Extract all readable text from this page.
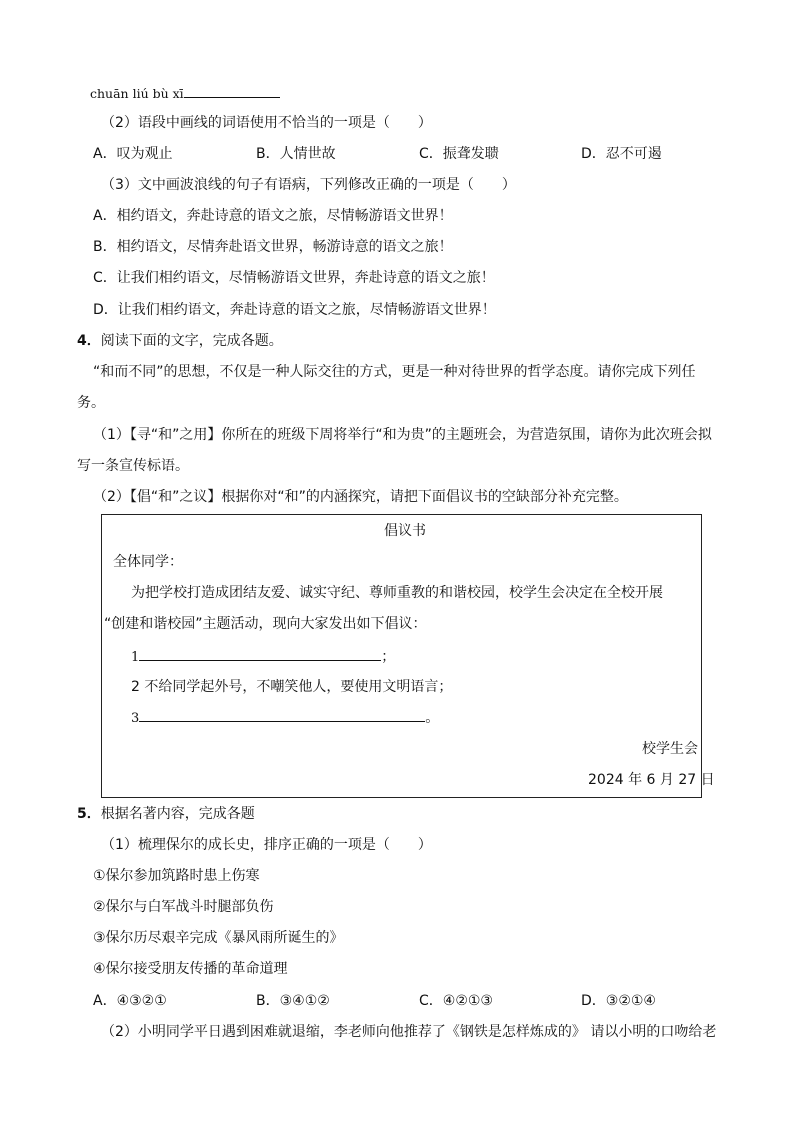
chuān liú bù xī
（2）语段中画线的词语使用不恰当的一项是（　　）
A．叹为观止	B．人情世故	C．振聋发聩	D．忍不可遏
（3）文中画波浪线的句子有语病，下列修改正确的一项是（　　）
A．相约语文，奔赴诗意的语文之旅，尽情畅游语文世界！
B．相约语文，尽情奔赴语文世界，畅游诗意的语文之旅！
C．让我们相约语文，尽情畅游语文世界，奔赴诗意的语文之旅！
D．让我们相约语文，奔赴诗意的语文之旅，尽情畅游语文世界！
4．阅读下面的文字，完成各题。
“和而不同”的思想，不仅是一种人际交往的方式，更是一种对待世界的哲学态度。请你完成下列任
务。
（1）【寻“和”之用】你所在的班级下周将举行“和为贵”的主题班会，为营造氛围，请你为此次班会拟
写一条宣传标语。
（2）【倡“和”之议】根据你对“和”的内涵探究，请把下面倡议书的空缺部分补充完整。
倡议书
全体同学：
为把学校打造成团结友爱、诚实守纪、尊师重教的和谐校园，校学生会决定在全校开展
“创建和谐校园”主题活动，现向大家发出如下倡议：
1	；
2 不给同学起外号，不嘲笑他人，要使用文明语言；
3	。
校学生会
2024 年 6 月 27 日
5．根据名著内容，完成各题
（1）梳理保尔的成长史，排序正确的一项是（　　）
①保尔参加筑路时患上伤寒
②保尔与白军战斗时腿部负伤
③保尔历尽艰辛完成《暴风雨所诞生的》
④保尔接受朋友传播的革命道理
A．④③②①	B．③④①②	C．④②①③	D．③②①④
（2）小明同学平日遇到困难就退缩，李老师向他推荐了《钢铁是怎样炼成的》 请以小明的口吻给老
